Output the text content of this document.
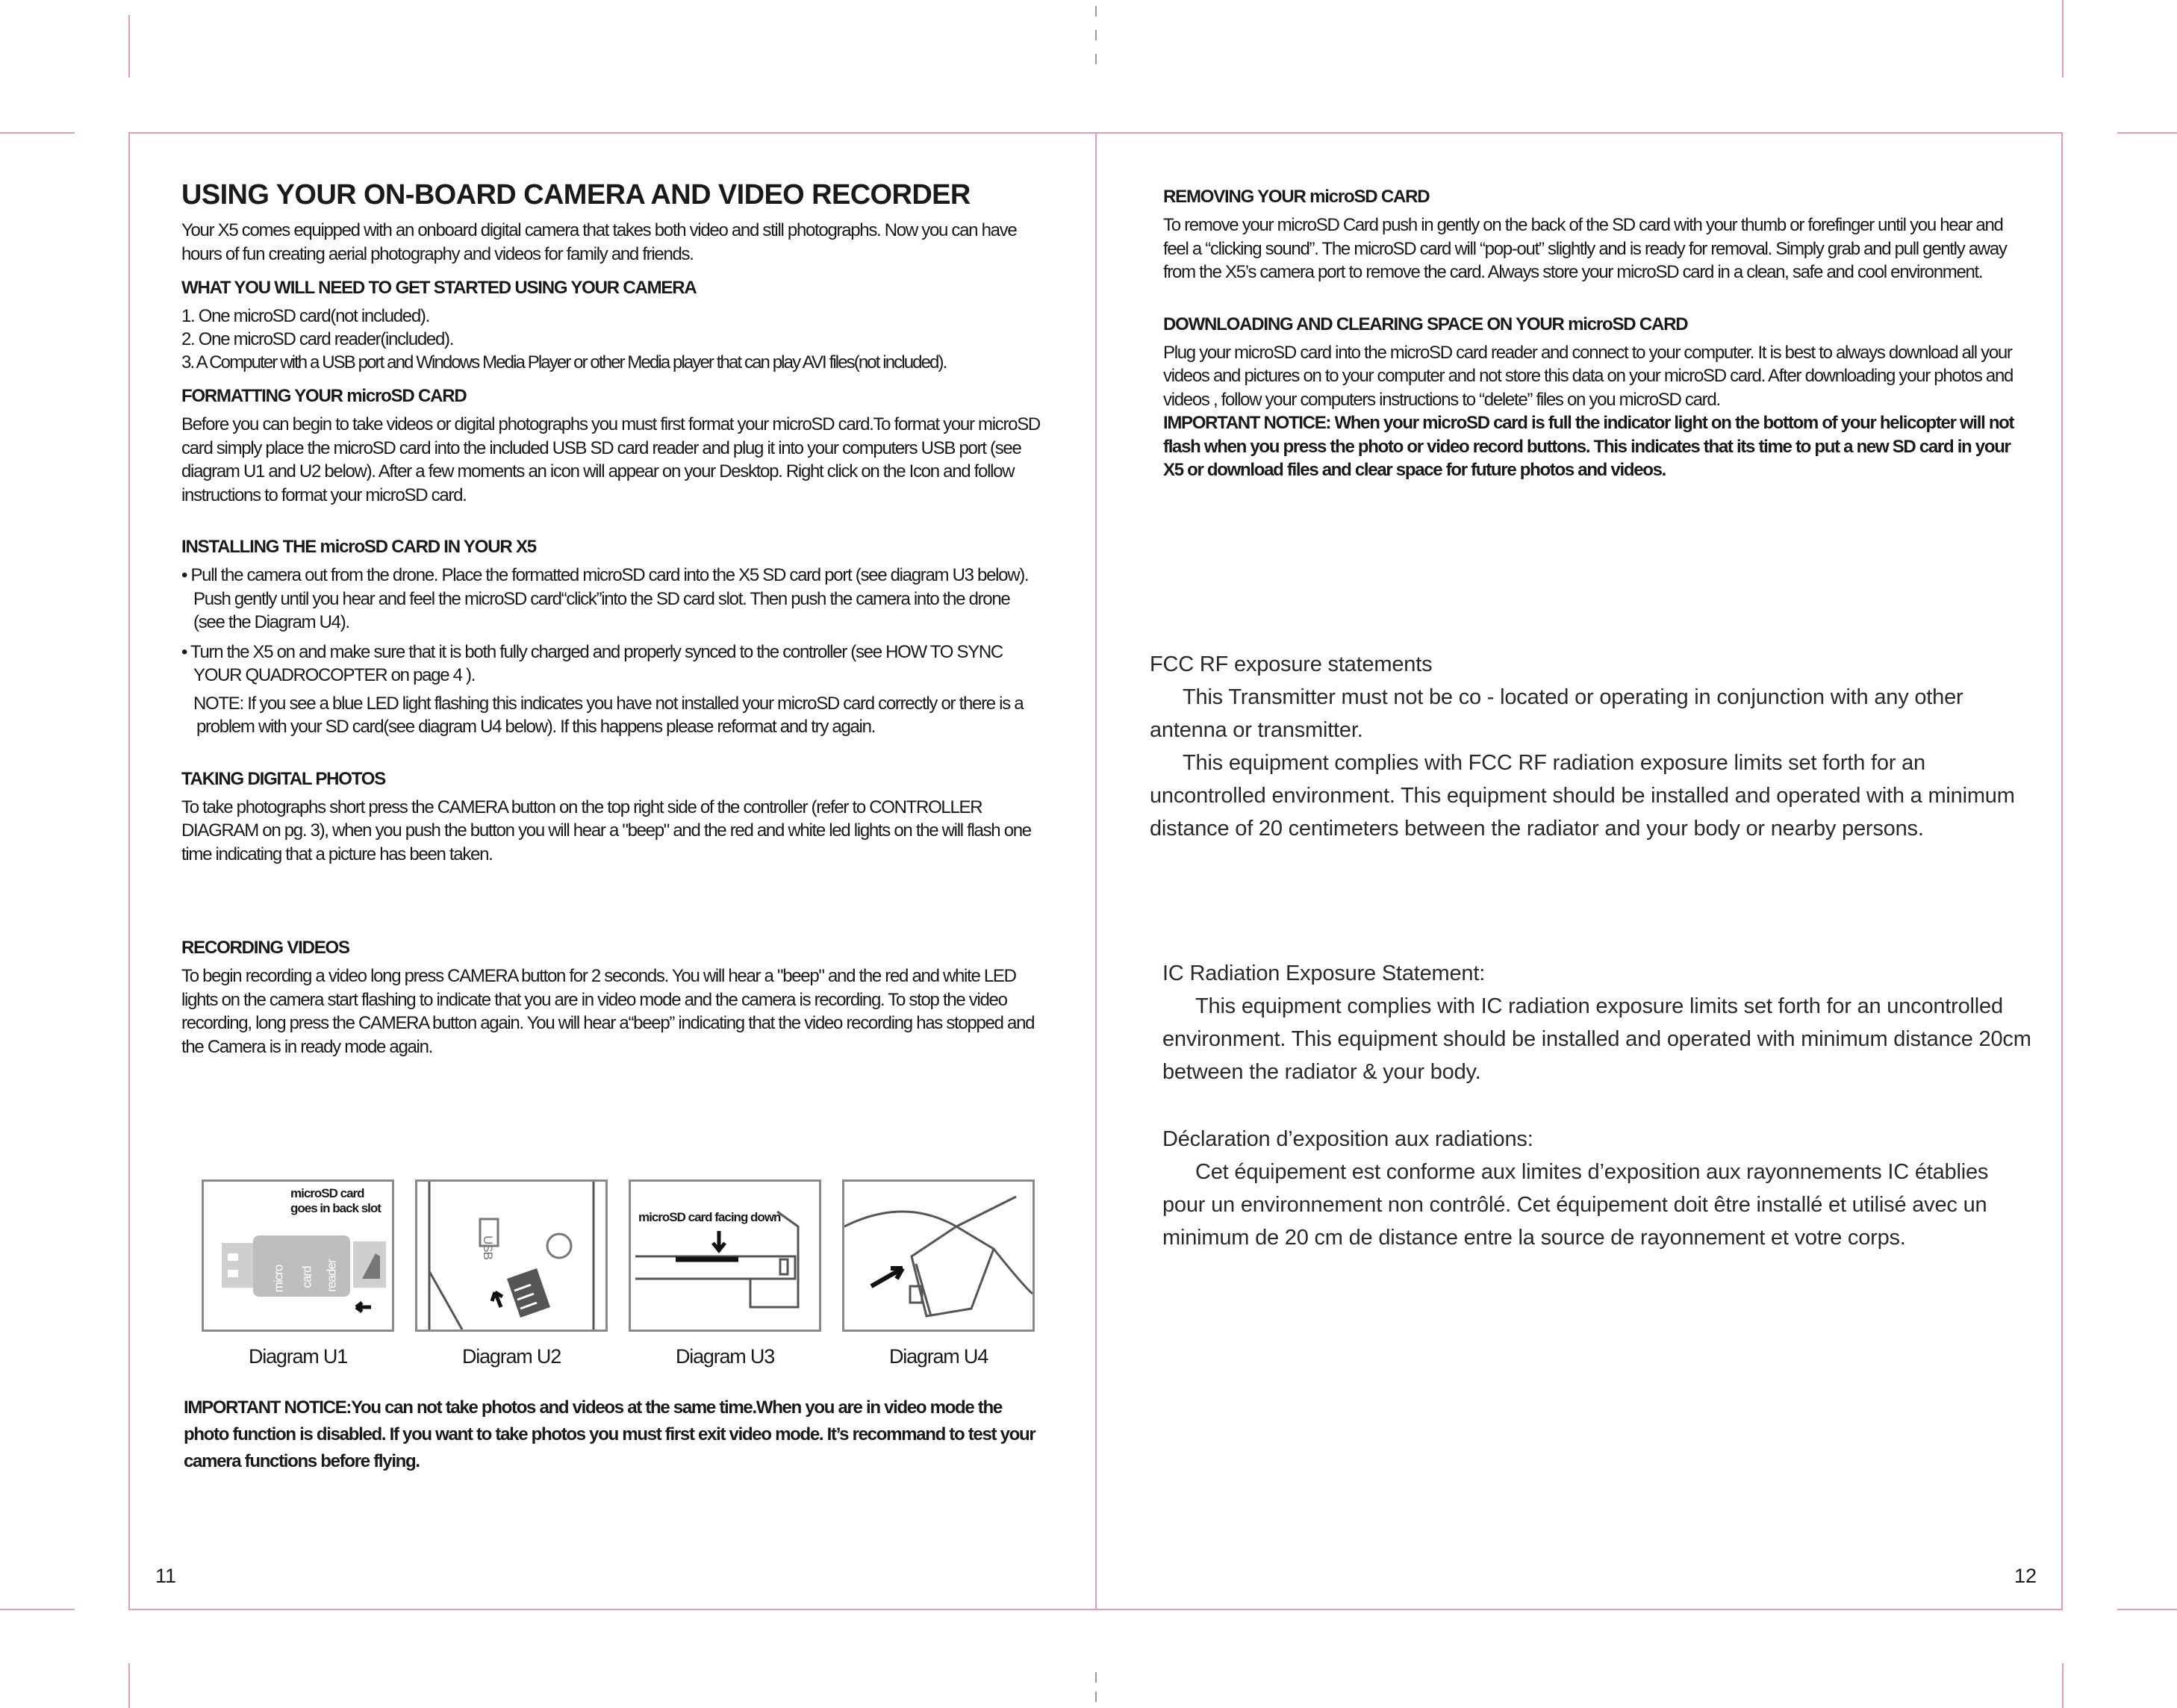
USING YOUR ON-BOARD CAMERA AND VIDEO RECORDER

Your X5 comes equipped with an onboard digital camera that takes both video and still photographs. Now you can have hours of fun creating aerial photography and videos for family and friends.

WHAT YOU WILL NEED TO GET STARTED USING YOUR CAMERA
1. One microSD card(not included).
2. One microSD card reader(included).
3. A Computer with a USB port and Windows Media Player or other Media player that can play AVI files(not included).
FORMATTING YOUR microSD CARD

Before you can begin to take videos or digital photographs you must first format your microSD card.To format your microSD card simply place the microSD card into the included USB SD card reader and plug it into your computers USB port (see diagram U1 and U2 below). After a few moments an icon will appear on your Desktop. Right click on the Icon and follow instructions to format your microSD card.

INSTALLING THE microSD CARD IN YOUR X5

• Pull the camera out from the drone. Place the formatted microSD card into the X5 SD card port (see diagram U3 below). Push gently until you hear and feel the microSD card“click”into the SD card slot. Then push the camera into the drone (see the Diagram U4).

• Turn the X5 on and make sure that it is both fully charged and properly synced to the controller (see HOW TO SYNC YOUR QUADROCOPTER on page 4 ).

NOTE: If you see a blue LED light flashing this indicates you have not installed your microSD card correctly or there is a problem with your SD card(see diagram U4 below). If this happens please reformat and try again.

TAKING DIGITAL PHOTOS

To take photographs short press the CAMERA button on the top right side of the controller (refer to CONTROLLER DIAGRAM on pg. 3), when you push the button you will hear a "beep" and the red and white led lights on the will flash one time indicating that a picture has been taken.

RECORDING VIDEOS

To begin recording a video long press CAMERA button for 2 seconds. You will hear a "beep" and the red and white LED lights on the camera start flashing to indicate that you are in video mode and the camera is recording. To stop the video recording, long press the CAMERA button again. You will hear a“beep” indicating that the video recording has stopped and the Camera is in ready mode again.

microSD card goes in back slot
micro card reader
USB
microSD card facing down
Diagram U1	Diagram U2	Diagram U3	Diagram U4

IMPORTANT NOTICE:You can not take photos and videos at the same time.When you are in video mode the photo function is disabled. If you want to take photos you must first exit video mode. It’s recommand to test your camera functions before flying.

11
REMOVING YOUR microSD CARD

To remove your microSD Card push in gently on the back of the SD card with your thumb or forefinger until you hear and feel a “clicking sound”. The microSD card will “pop-out” slightly and is ready for removal. Simply grab and pull gently away from the X5’s camera port to remove the card. Always store your microSD card in a clean, safe and cool environment.

DOWNLOADING AND CLEARING SPACE ON YOUR microSD CARD

Plug your microSD card into the microSD card reader and connect to your computer. It is best to always download all your videos and pictures on to your computer and not store this data on your microSD card. After downloading your photos and videos , follow your computers instructions to “delete” files on you microSD card.

IMPORTANT NOTICE: When your microSD card is full the indicator light on the bottom of your helicopter will not flash when you press the photo or video record buttons. This indicates that its time to put a new SD card in your X5 or download files and clear space for future photos and videos.

FCC RF exposure statements

This Transmitter must not be co - located or operating in conjunction with any other antenna or transmitter.

This equipment complies with FCC RF radiation exposure limits set forth for an uncontrolled environment. This equipment should be installed and operated with a minimum distance of 20 centimeters between the radiator and your body or nearby persons.

IC Radiation Exposure Statement:

This equipment complies with IC radiation exposure limits set forth for an uncontrolled environment. This equipment should be installed and operated with minimum distance 20cm between the radiator & your body.

Déclaration d’exposition aux radiations:

Cet équipement est conforme aux limites d’exposition aux rayonnements IC établies pour un environnement non contrôlé. Cet équipement doit être installé et utilisé avec un minimum de 20 cm de distance entre la source de rayonnement et votre corps.

12
